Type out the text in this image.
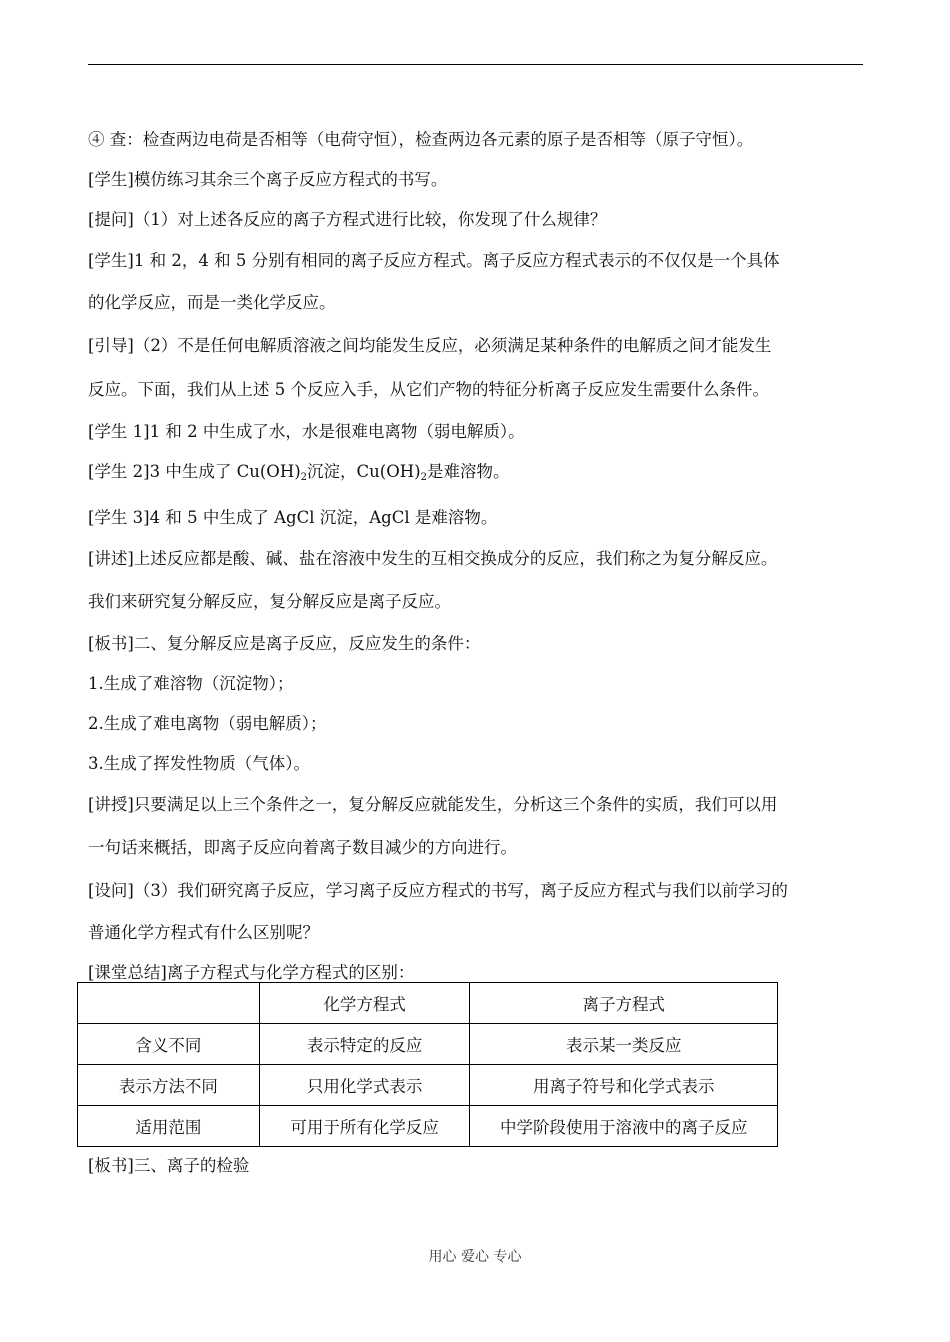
④ 查：检查两边电荷是否相等（电荷守恒），检查两边各元素的原子是否相等（原子守恒）。

[学生]模仿练习其余三个离子反应方程式的书写。

[提问]（1）对上述各反应的离子方程式进行比较，你发现了什么规律？

[学生]1 和 2，4 和 5 分别有相同的离子反应方程式。离子反应方程式表示的不仅仅是一个具体

的化学反应，而是一类化学反应。

[引导]（2）不是任何电解质溶液之间均能发生反应，必须满足某种条件的电解质之间才能发生

反应。下面，我们从上述 5 个反应入手，从它们产物的特征分析离子反应发生需要什么条件。

[学生 1]1 和 2 中生成了水，水是很难电离物（弱电解质）。

[学生 2]3 中生成了 $Cu(OH)_2$沉淀，$Cu(OH)_2$是难溶物。

[学生 3]4 和 5 中生成了 AgCl 沉淀，AgCl 是难溶物。

[讲述]上述反应都是酸、碱、盐在溶液中发生的互相交换成分的反应，我们称之为复分解反应。

我们来研究复分解反应，复分解反应是离子反应。

[板书]二、复分解反应是离子反应，反应发生的条件：

1.生成了难溶物（沉淀物）；

2.生成了难电离物（弱电解质）；

3.生成了挥发性物质（气体）。

[讲授]只要满足以上三个条件之一，复分解反应就能发生，分析这三个条件的实质，我们可以用

一句话来概括，即离子反应向着离子数目减少的方向进行。

[设问]（3）我们研究离子反应，学习离子反应方程式的书写，离子反应方程式与我们以前学习的

普通化学方程式有什么区别呢？

[课堂总结]离子方程式与化学方程式的区别：

	化学方程式	离子方程式
含义不同	表示特定的反应	表示某一类反应
表示方法不同	只用化学式表示	用离子符号和化学式表示
适用范围	可用于所有化学反应	中学阶段使用于溶液中的离子反应

[板书]三、离子的检验

用心 爱心 专心
